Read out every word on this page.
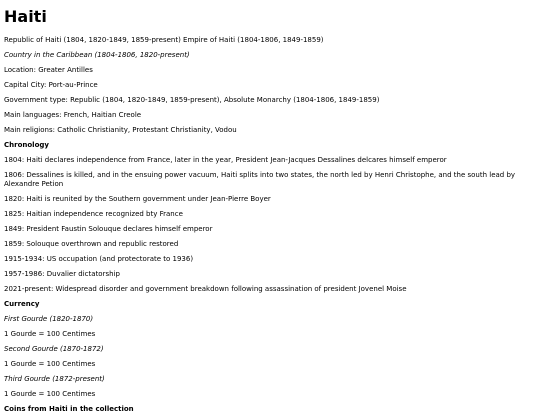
Haiti

Republic of Haiti (1804, 1820-1849, 1859-present) Empire of Haiti (1804-1806, 1849-1859)

Country in the Caribbean (1804-1806, 1820-present)

Location: Greater Antilles

Capital City: Port-au-Prince

Government type: Republic (1804, 1820-1849, 1859-present), Absolute Monarchy (1804-1806, 1849-1859)

Main languages: French, Haitian Creole

Main religions: Catholic Christianity, Protestant Christianity, Vodou

Chronology

1804: Haiti declares independence from France, later in the year, President Jean-Jacques Dessalines delcares himself emperor

1806: Dessalines is killed, and in the ensuing power vacuum, Haiti splits into two states, the north led by Henri Christophe, and the south lead by Alexandre Petion

1820: Haiti is reunited by the Southern government under Jean-Pierre Boyer

1825: Haitian independence recognized bty France

1849: President Faustin Solouque declares himself emperor

1859: Solouque overthrown and republic restored

1915-1934: US occupation (and protectorate to 1936)

1957-1986: Duvalier dictatorship

2021-present: Widespread disorder and government breakdown following assassination of president Jovenel Moise

Currency

First Gourde (1820-1870)

1 Gourde = 100 Centimes

Second Gourde (1870-1872)

1 Gourde = 100 Centimes

Third Gourde (1872-present)

1 Gourde = 100 Centimes

Coins from Haiti in the collection
